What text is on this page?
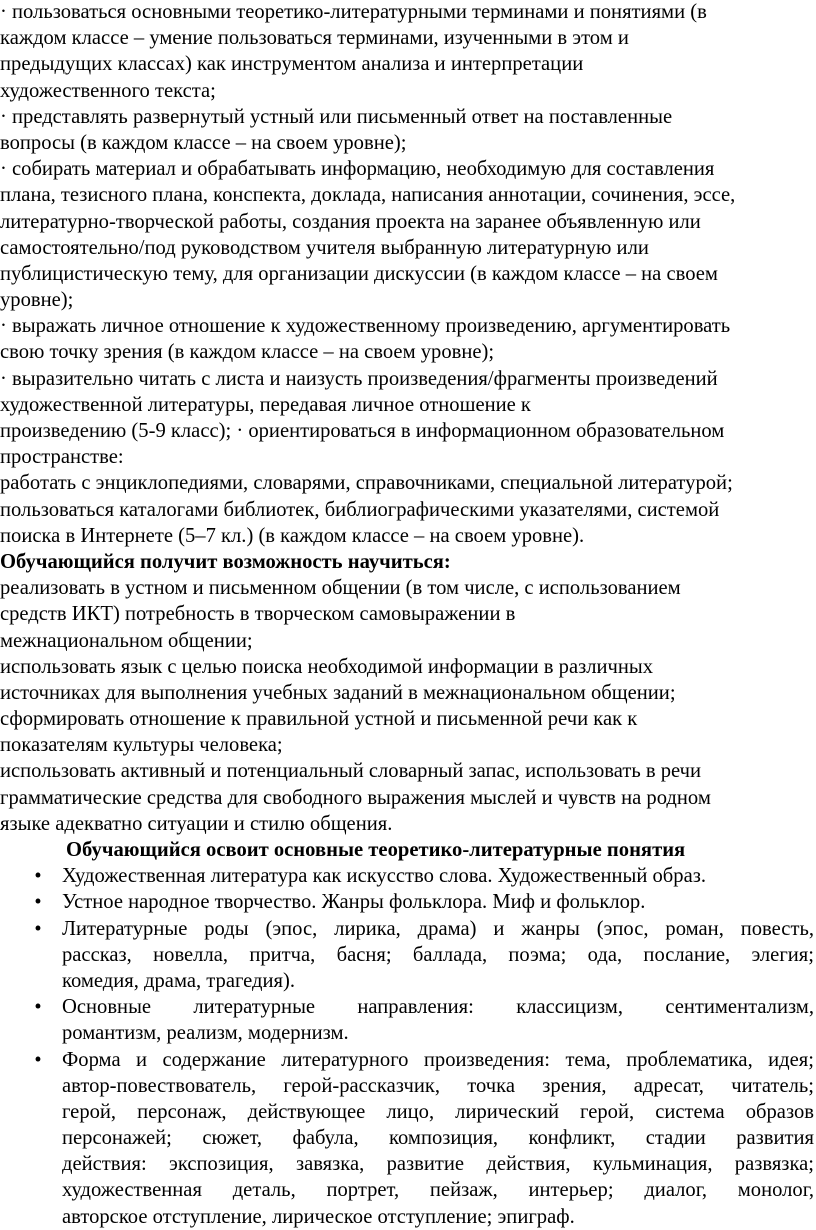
· пользоваться основными теоретико-литературными терминами и понятиями (в
каждом классе – умение пользоваться терминами, изученными в этом и
предыдущих классах) как инструментом анализа и интерпретации
художественного текста;
· представлять развернутый устный или письменный ответ на поставленные
вопросы (в каждом классе – на своем уровне);
· собирать материал и обрабатывать информацию, необходимую для составления
плана, тезисного плана, конспекта, доклада, написания аннотации, сочинения, эссе,
литературно-творческой работы, создания проекта на заранее объявленную или
самостоятельно/под руководством учителя выбранную литературную или
публицистическую тему, для организации дискуссии (в каждом классе – на своем
уровне);
· выражать личное отношение к художественному произведению, аргументировать
свою точку зрения (в каждом классе – на своем уровне);
· выразительно читать с листа и наизусть произведения/фрагменты произведений
художественной литературы, передавая личное отношение к
произведению (5-9 класс); · ориентироваться в информационном образовательном
пространстве:
работать с энциклопедиями, словарями, справочниками, специальной литературой;
пользоваться каталогами библиотек, библиографическими указателями, системой
поиска в Интернете (5–7 кл.) (в каждом классе – на своем уровне).
Обучающийся получит возможность научиться:
реализовать в устном и письменном общении (в том числе, с использованием
средств ИКТ) потребность в творческом самовыражении в
межнациональном общении;
использовать язык с целью поиска необходимой информации в различных
источниках для выполнения учебных заданий в межнациональном общении;
сформировать отношение к правильной устной и письменной речи как к
показателям культуры человека;
использовать активный и потенциальный словарный запас, использовать в речи
грамматические средства для свободного выражения мыслей и чувств на родном
языке адекватно ситуации и стилю общения.
Обучающийся освоит основные теоретико-литературные понятия
• Художественная литература как искусство слова. Художественный образ.
• Устное народное творчество. Жанры фольклора. Миф и фольклор.
• Литературные роды (эпос, лирика, драма) и жанры (эпос, роман, повесть,
рассказ, новелла, притча, басня; баллада, поэма; ода, послание, элегия;
комедия, драма, трагедия).
• Основные литературные направления: классицизм, сентиментализм,
романтизм, реализм, модернизм.
• Форма и содержание литературного произведения: тема, проблематика, идея;
автор-повествователь, герой-рассказчик, точка зрения, адресат, читатель;
герой, персонаж, действующее лицо, лирический герой, система образов
персонажей; сюжет, фабула, композиция, конфликт, стадии развития
действия: экспозиция, завязка, развитие действия, кульминация, развязка;
художественная деталь, портрет, пейзаж, интерьер; диалог, монолог,
авторское отступление, лирическое отступление; эпиграф.
